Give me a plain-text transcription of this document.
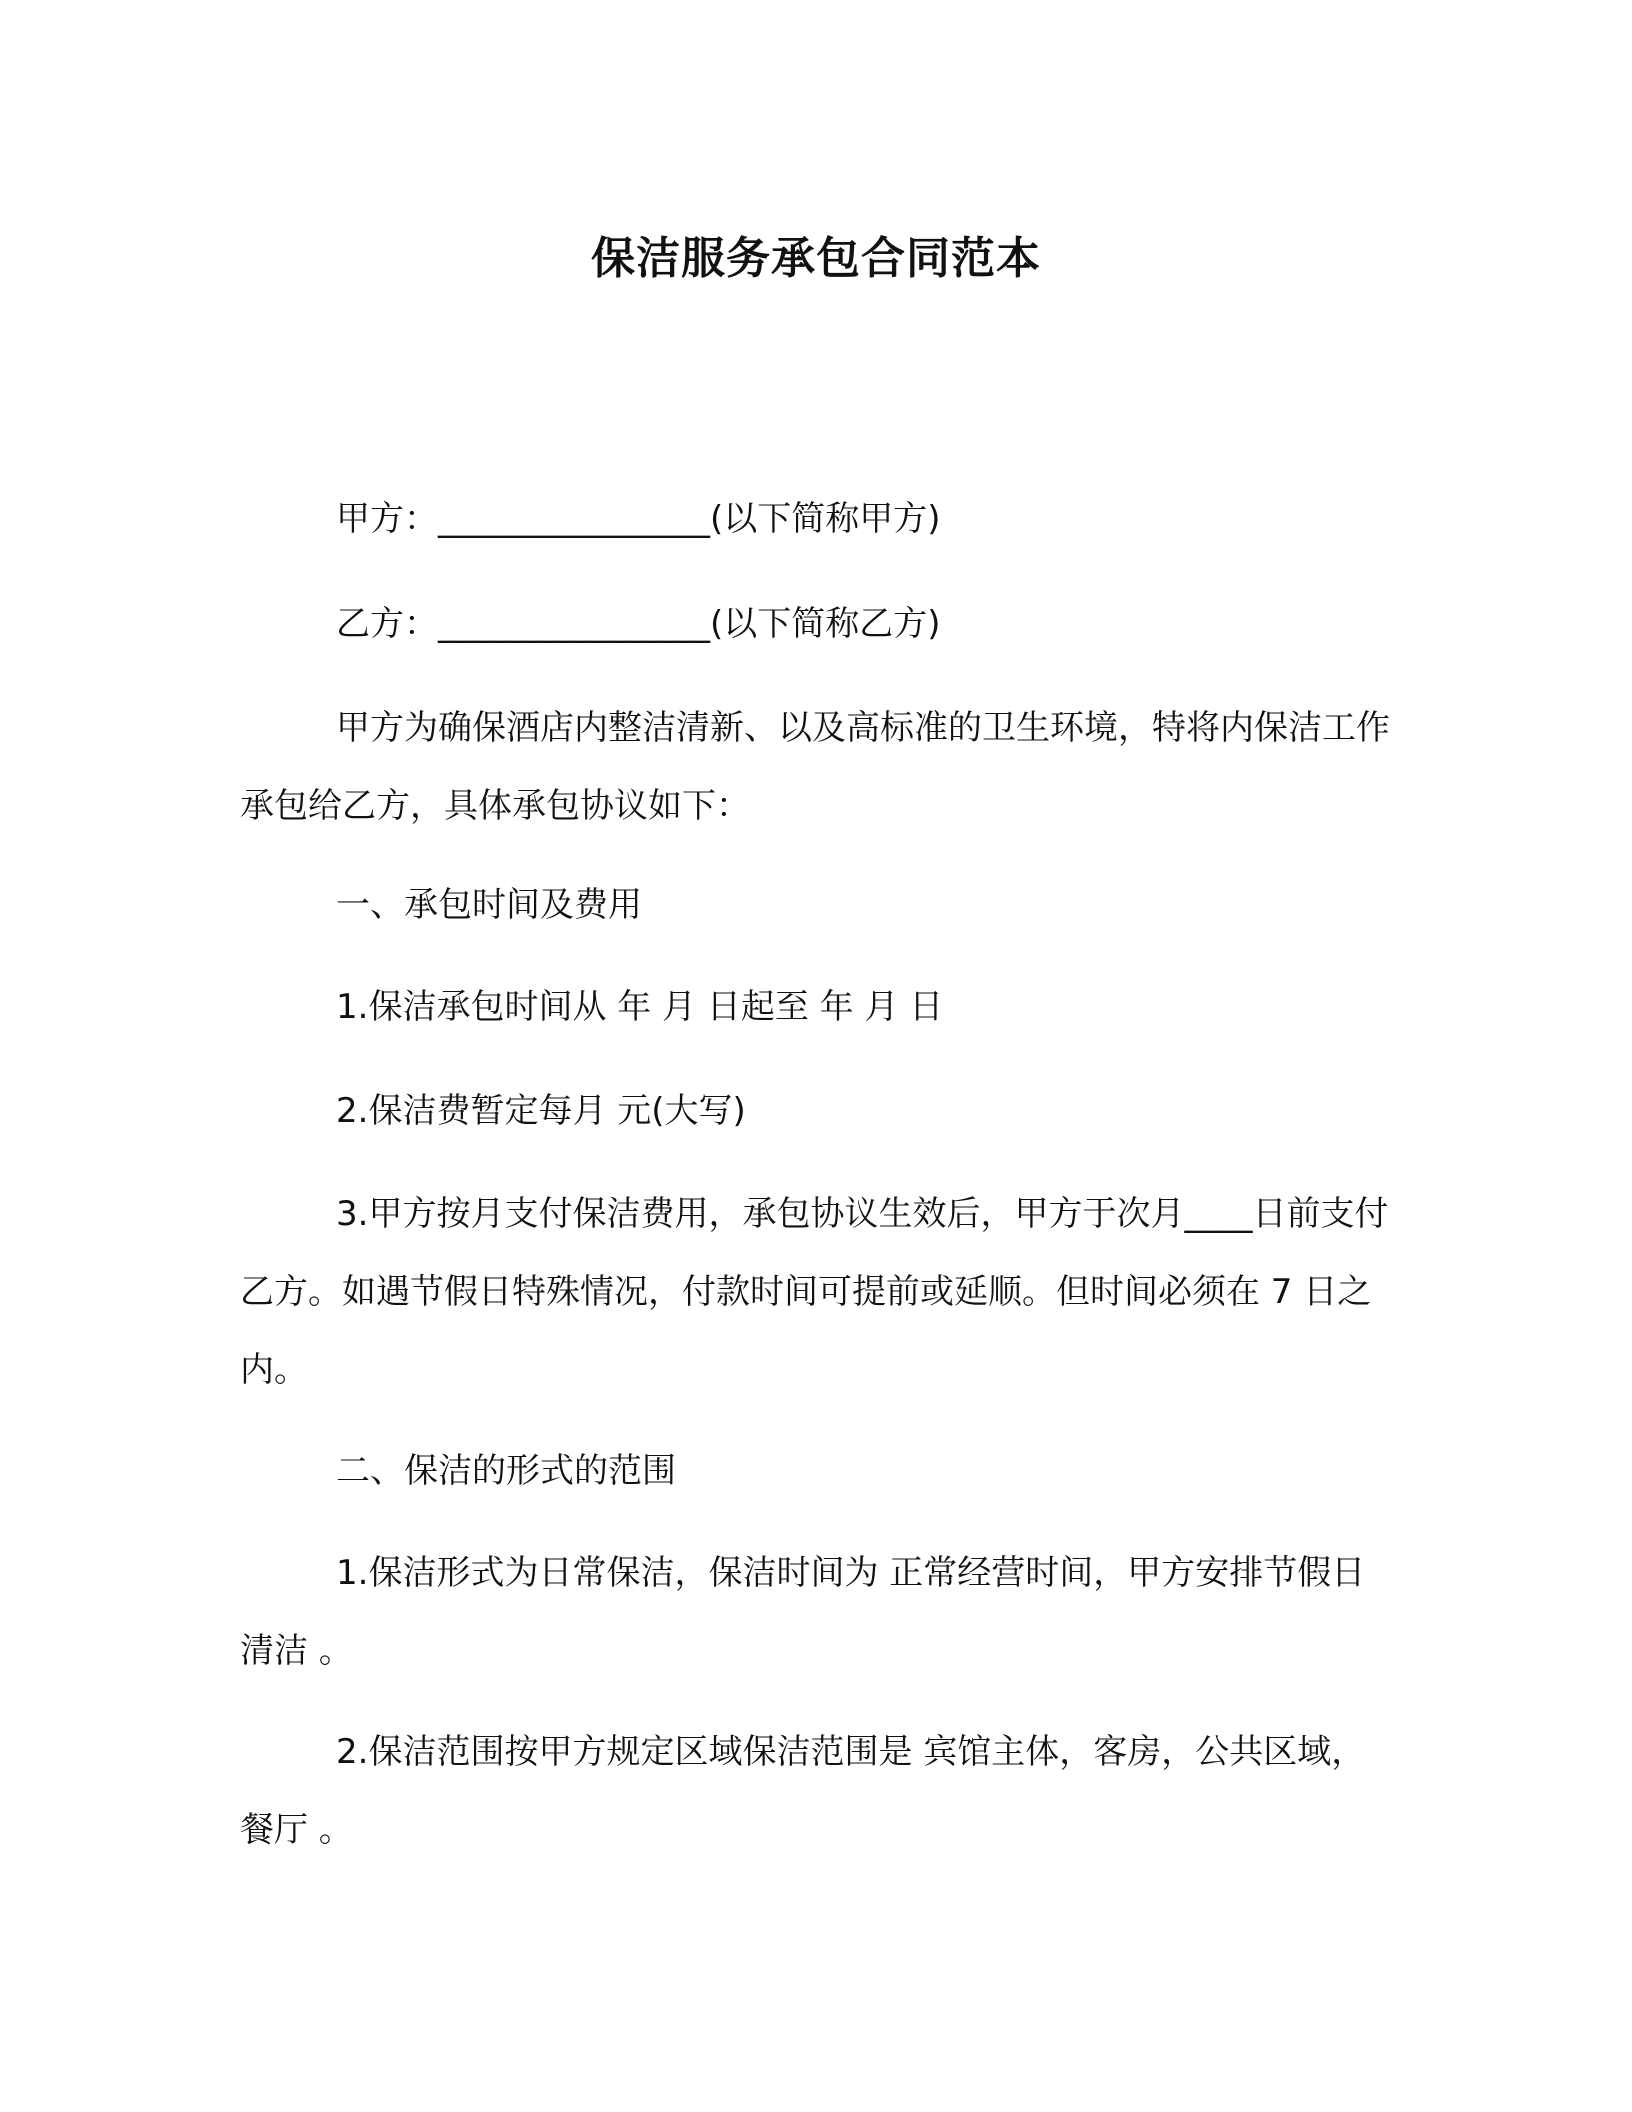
保洁服务承包合同范本
甲方：________________(以下简称甲方)
乙方：________________(以下简称乙方)
甲方为确保酒店内整洁清新、以及高标准的卫生环境，特将内保洁工作承包给乙方，具体承包协议如下：
一、承包时间及费用
1.保洁承包时间从 年 月 日起至 年 月 日
2.保洁费暂定每月 元(大写)
3.甲方按月支付保洁费用，承包协议生效后，甲方于次月____日前支付乙方。如遇节假日特殊情况，付款时间可提前或延顺。但时间必须在 7 日之内。
二、保洁的形式的范围
1.保洁形式为日常保洁，保洁时间为 正常经营时间，甲方安排节假日清洁 。
2.保洁范围按甲方规定区域保洁范围是 宾馆主体，客房，公共区域，餐厅 。
